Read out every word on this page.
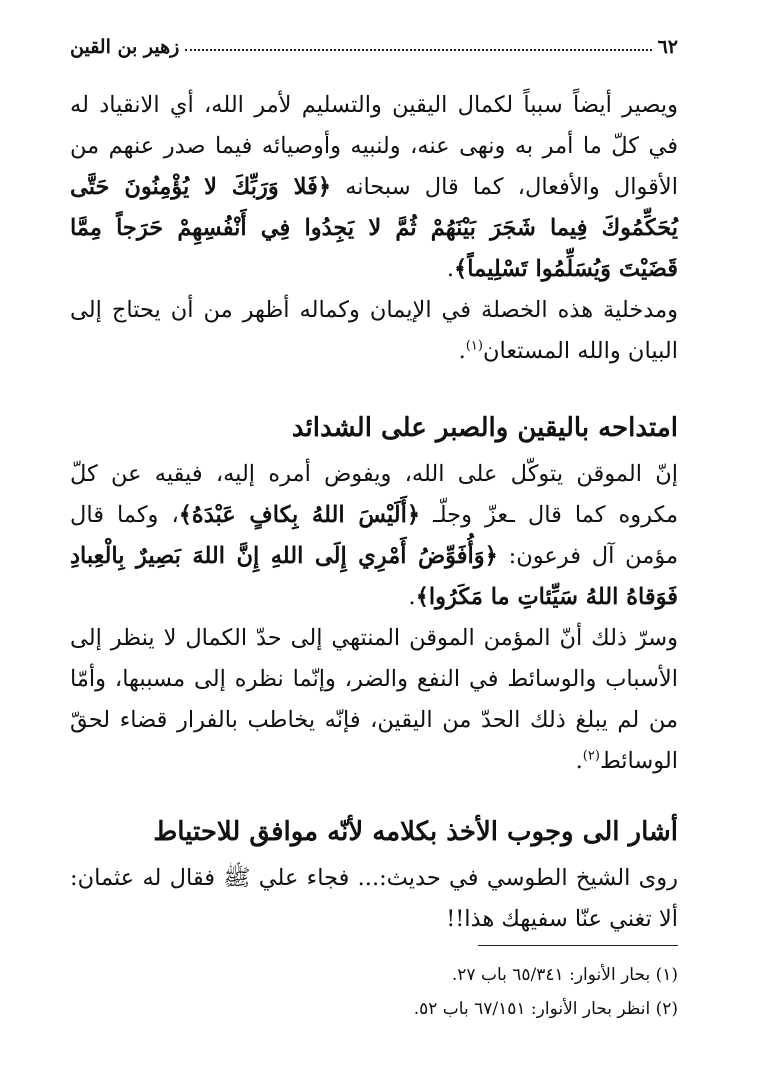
٦٢
زهير بن القين

ويصير أيضاً سبباً لكمال اليقين والتسليم لأمر الله، أي الانقياد له في كلّ ما أمر به ونهى عنه، ولنبيه وأوصيائه فيما صدر عنهم من الأقوال والأفعال، كما قال سبحانه ﴿فَلا وَرَبِّكَ لا يُؤْمِنُونَ حَتَّى يُحَكِّمُوكَ فِيما شَجَرَ بَيْنَهُمْ ثُمَّ لا يَجِدُوا فِي أَنْفُسِهِمْ حَرَجاً مِمَّا قَضَيْتَ وَيُسَلِّمُوا تَسْلِيماً﴾.

ومدخلية هذه الخصلة في الإيمان وكماله أظهر من أن يحتاج إلى البيان والله المستعان$^{(١)}$.

امتداحه باليقين والصبر على الشدائد

إنّ الموقن يتوكّل على الله، ويفوض أمره إليه، فيقيه عن كلّ مكروه كما قال ـعزّ وجلّـ ﴿أَلَيْسَ اللهُ بِكافٍ عَبْدَهُ﴾، وكما قال مؤمن آل فرعون: ﴿وَأُفَوِّضُ أَمْرِي إِلَى اللهِ إِنَّ اللهَ بَصِيرٌ بِالْعِبادِ فَوَقاهُ اللهُ سَيِّئاتِ ما مَكَرُوا﴾.

وسرّ ذلك أنّ المؤمن الموقن المنتهي إلى حدّ الكمال لا ينظر إلى الأسباب والوسائط في النفع والضر، وإنّما نظره إلى مسببها، وأمّا من لم يبلغ ذلك الحدّ من اليقين، فإنّه يخاطب بالفرار قضاء لحقّ الوسائط$^{(٢)}$.

أشار الى وجوب الأخذ بكلامه لأنّه موافق للاحتياط

روى الشيخ الطوسي في حديث:... فجاء علي ﷺ فقال له عثمان: ألا تغني عنّا سفيهك هذا!!

(١) بحار الأنوار: ٦٥/٣٤١ باب ٢٧.

(٢) انظر بحار الأنوار: ٦٧/١٥١ باب ٥٢.
